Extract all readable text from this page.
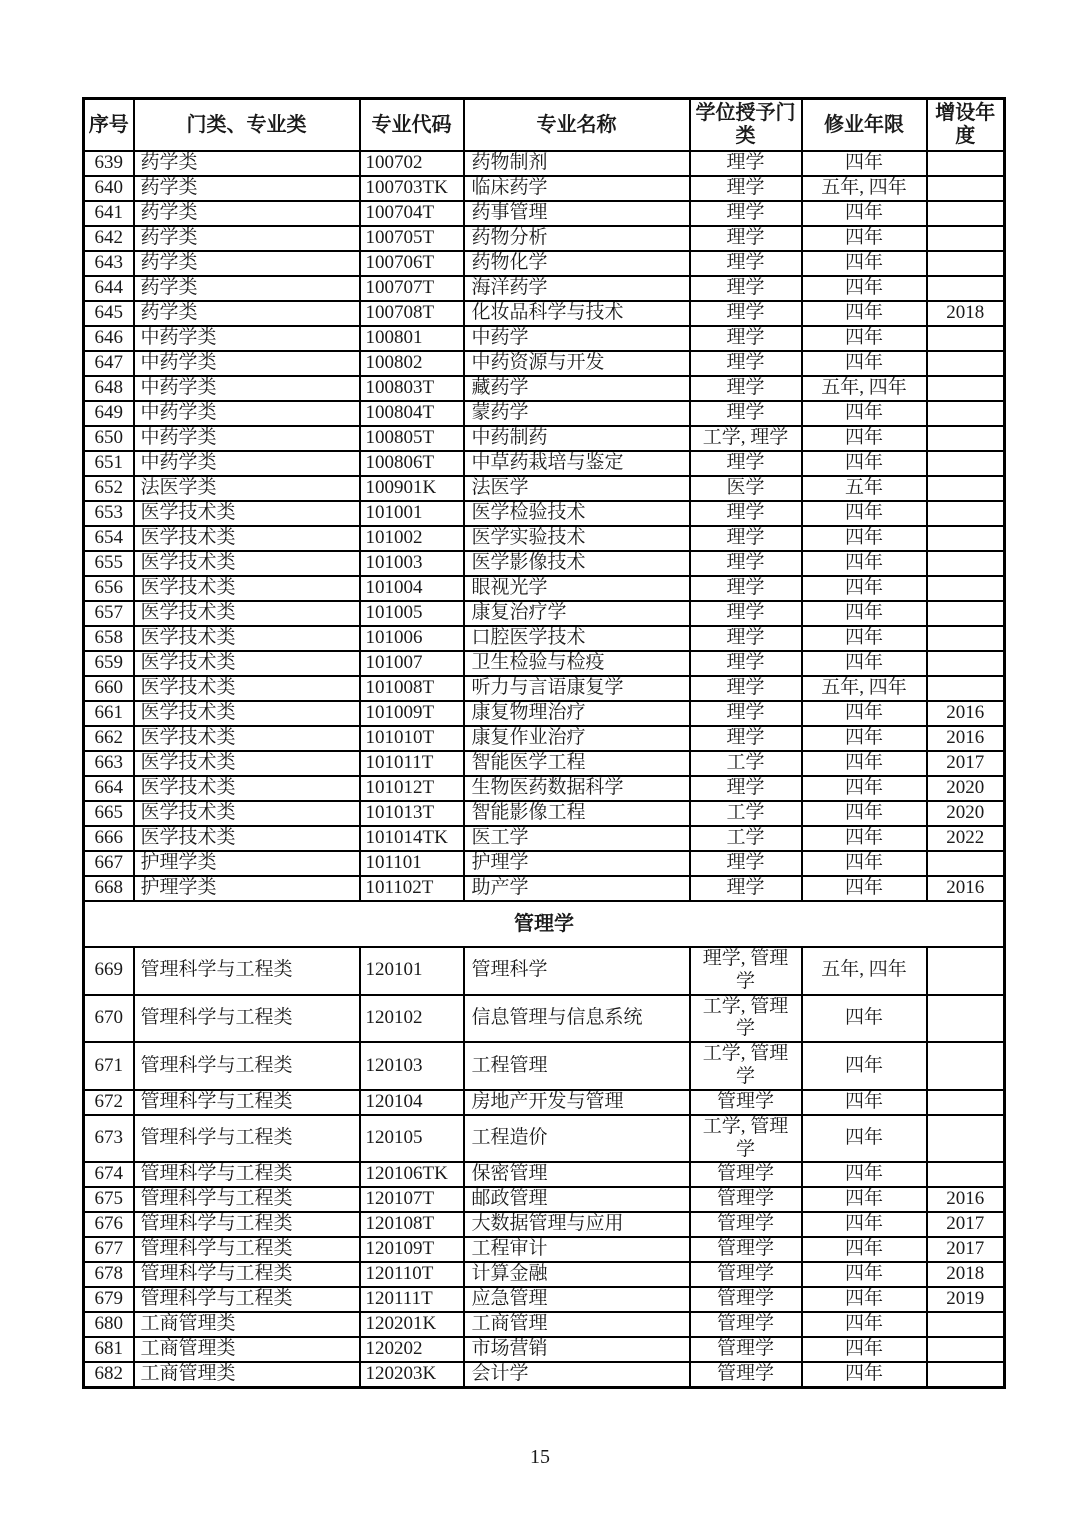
序号	门类、专业类	专业代码	专业名称	学位授予门类	修业年限	增设年度
639	药学类	100702	药物制剂	理学	四年	
640	药学类	100703TK	临床药学	理学	五年, 四年	
641	药学类	100704T	药事管理	理学	四年	
642	药学类	100705T	药物分析	理学	四年	
643	药学类	100706T	药物化学	理学	四年	
644	药学类	100707T	海洋药学	理学	四年	
645	药学类	100708T	化妆品科学与技术	理学	四年	2018
646	中药学类	100801	中药学	理学	四年	
647	中药学类	100802	中药资源与开发	理学	四年	
648	中药学类	100803T	藏药学	理学	五年, 四年	
649	中药学类	100804T	蒙药学	理学	四年	
650	中药学类	100805T	中药制药	工学, 理学	四年	
651	中药学类	100806T	中草药栽培与鉴定	理学	四年	
652	法医学类	100901K	法医学	医学	五年	
653	医学技术类	101001	医学检验技术	理学	四年	
654	医学技术类	101002	医学实验技术	理学	四年	
655	医学技术类	101003	医学影像技术	理学	四年	
656	医学技术类	101004	眼视光学	理学	四年	
657	医学技术类	101005	康复治疗学	理学	四年	
658	医学技术类	101006	口腔医学技术	理学	四年	
659	医学技术类	101007	卫生检验与检疫	理学	四年	
660	医学技术类	101008T	听力与言语康复学	理学	五年, 四年	
661	医学技术类	101009T	康复物理治疗	理学	四年	2016
662	医学技术类	101010T	康复作业治疗	理学	四年	2016
663	医学技术类	101011T	智能医学工程	工学	四年	2017
664	医学技术类	101012T	生物医药数据科学	理学	四年	2020
665	医学技术类	101013T	智能影像工程	工学	四年	2020
666	医学技术类	101014TK	医工学	工学	四年	2022
667	护理学类	101101	护理学	理学	四年	
668	护理学类	101102T	助产学	理学	四年	2016
管理学						
669	管理科学与工程类	120101	管理科学	理学, 管理学	五年, 四年	
670	管理科学与工程类	120102	信息管理与信息系统	工学, 管理学	四年	
671	管理科学与工程类	120103	工程管理	工学, 管理学	四年	
672	管理科学与工程类	120104	房地产开发与管理	管理学	四年	
673	管理科学与工程类	120105	工程造价	工学, 管理学	四年	
674	管理科学与工程类	120106TK	保密管理	管理学	四年	
675	管理科学与工程类	120107T	邮政管理	管理学	四年	2016
676	管理科学与工程类	120108T	大数据管理与应用	管理学	四年	2017
677	管理科学与工程类	120109T	工程审计	管理学	四年	2017
678	管理科学与工程类	120110T	计算金融	管理学	四年	2018
679	管理科学与工程类	120111T	应急管理	管理学	四年	2019
680	工商管理类	120201K	工商管理	管理学	四年	
681	工商管理类	120202	市场营销	管理学	四年	
682	工商管理类	120203K	会计学	管理学	四年	
15
